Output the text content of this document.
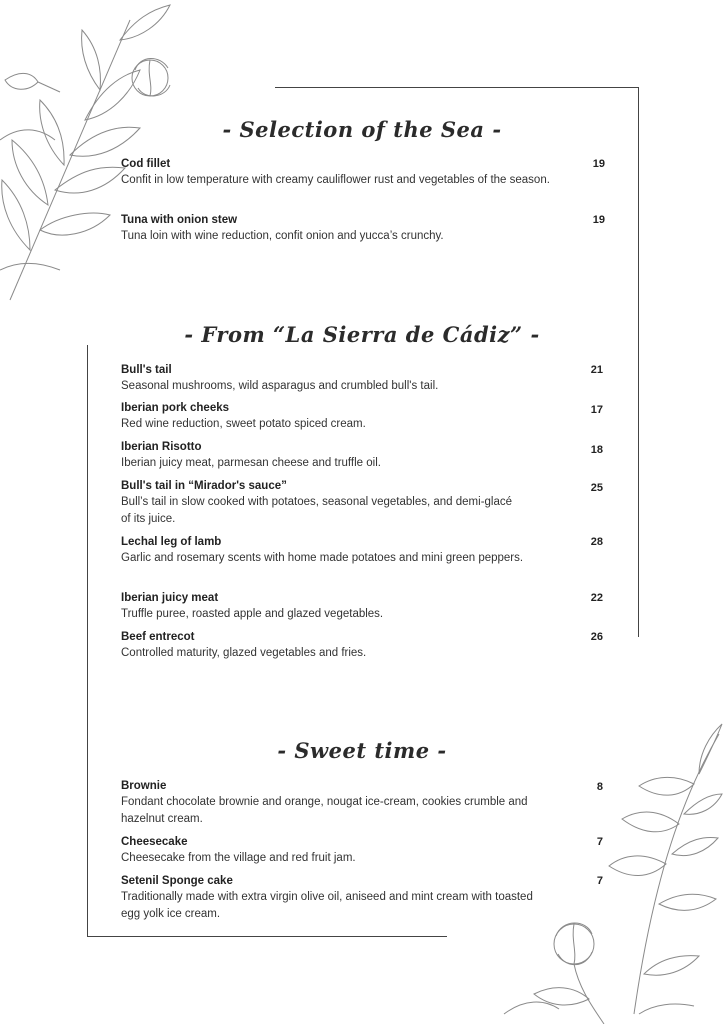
- Selection of the Sea -
Cod fillet
Confit in low temperature with creamy cauliflower rust and vegetables of the season.
19
Tuna with onion stew
Tuna loin with wine reduction, confit onion and yucca’s crunchy.
19
- From “La Sierra de Cádiz” -
Bull's tail
Seasonal mushrooms, wild asparagus and crumbled bull's tail.
21
Iberian pork cheeks
Red wine reduction, sweet potato spiced cream.
17
Iberian Risotto
Iberian juicy meat, parmesan cheese and truffle oil.
18
Bull's tail in “Mirador's sauce”
Bull’s tail in slow cooked with potatoes, seasonal vegetables, and demi-glacé of its juice.
25
Lechal leg of lamb
Garlic and rosemary scents with home made potatoes and mini green peppers.
28
Iberian juicy meat
Truffle puree, roasted apple and glazed vegetables.
22
Beef entrecot
Controlled maturity, glazed vegetables and fries.
26
- Sweet time -
Brownie
Fondant chocolate brownie and orange, nougat ice-cream, cookies crumble and hazelnut cream.
8
Cheesecake
Cheesecake from the village and red fruit jam.
7
Setenil Sponge cake
Traditionally made with extra virgin olive oil, aniseed and mint cream with toasted egg yolk ice cream.
7
